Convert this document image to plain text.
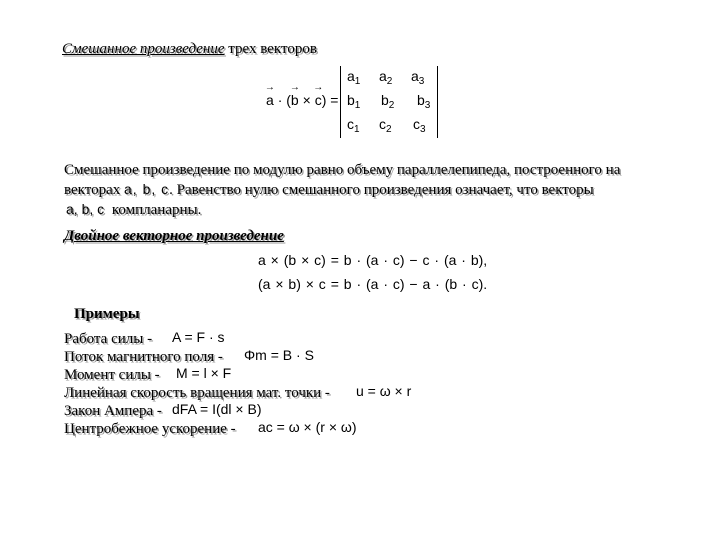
Смешанное произведение трех векторов
→ a · (→ b × → c) =
$a_1$ $a_2$ $a_3$
$b_1$ $b_2$ $b_3$
$c_1$ $c_2$ $c_3$
Смешанное произведение по модулю равно объему параллелепипеда, построенного на
векторах a, b, c. Равенство нулю смешанного произведения означает, что векторы
a, b, c компланарны.
Двойное векторное произведение
a × (b × c) = b · (a · c) − c · (a · b),
(a × b) × c = b · (a · c) − a · (b · c).
Примеры
Работа силы - A = F · s
Поток магнитного поля - Φm = B · S
Момент силы - M = l × F
Линейная скорость вращения мат. точки - u = ω × r
Закон Ампера - dFA = I(dl × B)
Центробежное ускорение - ac = ω × (r × ω)
